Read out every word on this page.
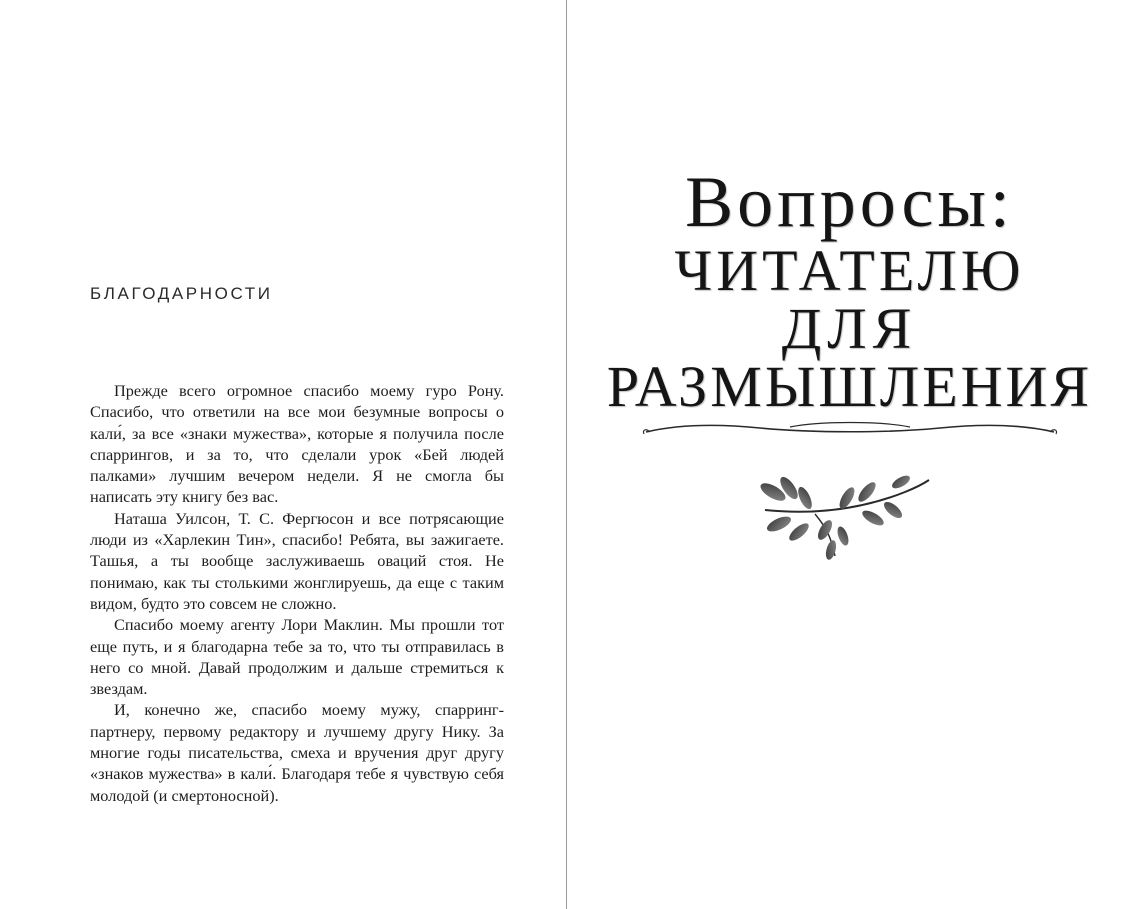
БЛАГОДАРНОСТИ

Прежде всего огромное спасибо моему гуро Рону. Спасибо, что ответили на все мои безумные вопросы о кали́, за все «знаки мужества», которые я получила после спаррингов, и за то, что сделали урок «Бей людей палками» лучшим вечером недели. Я не смогла бы написать эту книгу без вас.

Наташа Уилсон, Т. С. Фергюсон и все потрясающие люди из «Харлекин Тин», спасибо! Ребята, вы зажигаете. Ташья, а ты вообще заслуживаешь оваций стоя. Не понимаю, как ты столькими жонглируешь, да еще с таким видом, будто это совсем не сложно.

Спасибо моему агенту Лори Маклин. Мы прошли тот еще путь, и я благодарна тебе за то, что ты отправилась в него со мной. Давай продолжим и дальше стремиться к звездам.

И, конечно же, спасибо моему мужу, спарринг-партнеру, первому редактору и лучшему другу Нику. За многие годы писательства, смеха и вручения друг другу «знаков мужества» в кали́. Благодаря тебе я чувствую себя молодой (и смертоносной).

Вопросы:
ЧИТАТЕЛЮ
ДЛЯ
РАЗМЫШЛЕНИЯ
